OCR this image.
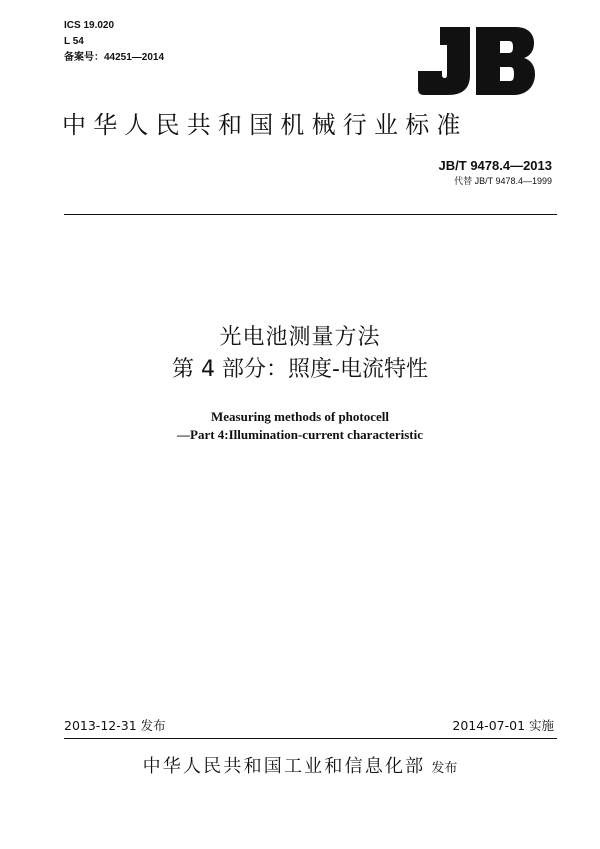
ICS 19.020
L 54
备案号：44251—2014
中华人民共和国机械行业标准
JB/T 9478.4—2013
代替 JB/T 9478.4—1999
光电池测量方法
第 4 部分：照度-电流特性
Measuring methods of photocell
—Part 4:Illumination-current characteristic
2013-12-31 发布	2014-07-01 实施
中华人民共和国工业和信息化部 发布
